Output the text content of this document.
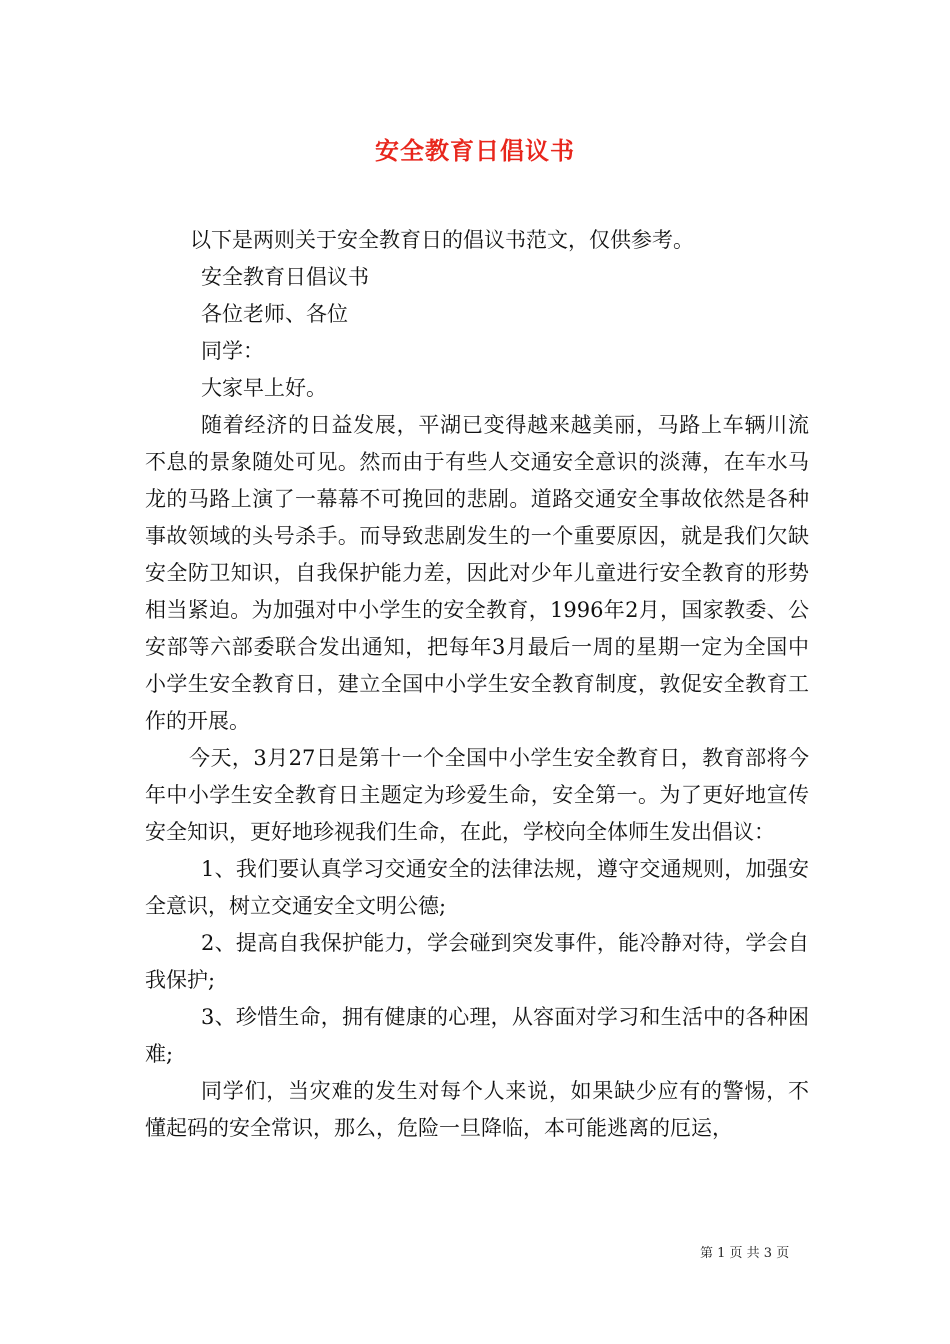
安全教育日倡议书
以下是两则关于安全教育日的倡议书范文，仅供参考。

安全教育日倡议书

各位老师、各位

同学：

大家早上好。

随着经济的日益发展，平湖已变得越来越美丽，马路上车辆川流不息的景象随处可见。然而由于有些人交通安全意识的淡薄，在车水马龙的马路上演了一幕幕不可挽回的悲剧。道路交通安全事故依然是各种事故领域的头号杀手。而导致悲剧发生的一个重要原因，就是我们欠缺安全防卫知识，自我保护能力差，因此对少年儿童进行安全教育的形势相当紧迫。为加强对中小学生的安全教育，1996年2月，国家教委、公安部等六部委联合发出通知，把每年3月最后一周的星期一定为全国中小学生安全教育日，建立全国中小学生安全教育制度，敦促安全教育工作的开展。

今天，3月27日是第十一个全国中小学生安全教育日，教育部将今年中小学生安全教育日主题定为珍爱生命，安全第一。为了更好地宣传安全知识，更好地珍视我们生命，在此，学校向全体师生发出倡议：

1、我们要认真学习交通安全的法律法规，遵守交通规则，加强安全意识，树立交通安全文明公德;

2、提高自我保护能力，学会碰到突发事件，能冷静对待，学会自我保护;

3、珍惜生命，拥有健康的心理，从容面对学习和生活中的各种困难;

同学们，当灾难的发生对每个人来说，如果缺少应有的警惕，不懂起码的安全常识，那么，危险一旦降临，本可能逃离的厄运，

第 1 页 共 3 页
